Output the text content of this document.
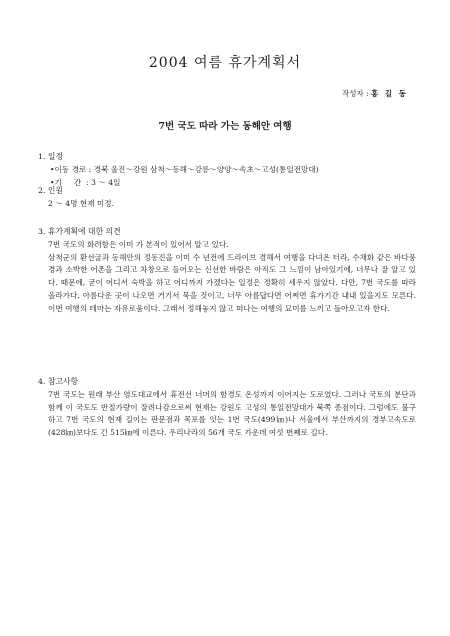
2004 여름 휴가계획서
작성자 : 홍 길 동
7번 국도 따라 가는 동해안 여행
1. 일정

•이동 경로 : 경북 울진～강원 삼척～동해～강릉～양양～속초～고성(통일전망대)

•기     간  : 3 ～ 4일

2. 인원

2 ～ 4명 현재 미정.

3. 휴가계획에 대한 의견

7번 국도의 화려함은 이미 가 본적이 있어서 알고 있다.

삼척군의 환선굴과 동해안의 정동진을 이미 수 년전에 드라이브 겸해서 여행을 다녀온 터라, 수채화 같은 바다풍경과 소박한 어촌을 그리고 차창으로 들어오는 신선한 바람은 아직도 그 느낌이 남아있기에, 너무나 잘 알고 있다. 때문에, 굳이 어디서 숙박을 하고 어디까지 가겠다는 일정은 정확히 세우지 않았다. 다만, 7번 국도를 따라 올라가다, 아름다운 곳이 나오면 거기서 묵을 것이고, 너무 아름답다면 어쩌면 휴가기간 내내 있을지도 모른다. 이번 여행의 테마는 자유로움이다. 그래서 정해놓지 않고 떠나는 여행의 묘미를 느끼고 돌아오고자 한다.

4. 참고사항

7번 국도는 원래 부산 영도대교에서 휴전선 너머의 함경도 온성까지 이어지는 도로였다. 그러나 국토의 분단과 함께 이 국도도 반절가량이 잘려나감으로써 현재는 강원도 고성의 통일전망대가 북쪽 종점이다. 그럼에도 불구하고 7번 국도의 현재 길이는 판문점과 목포를 잇는 1번 국도(499㎞)나 서울에서 부산까지의 경부고속도로(428㎞)보다도 긴 515㎞에 이른다. 우리나라의 56개 국도 가운데 여섯 번째로 길다.
